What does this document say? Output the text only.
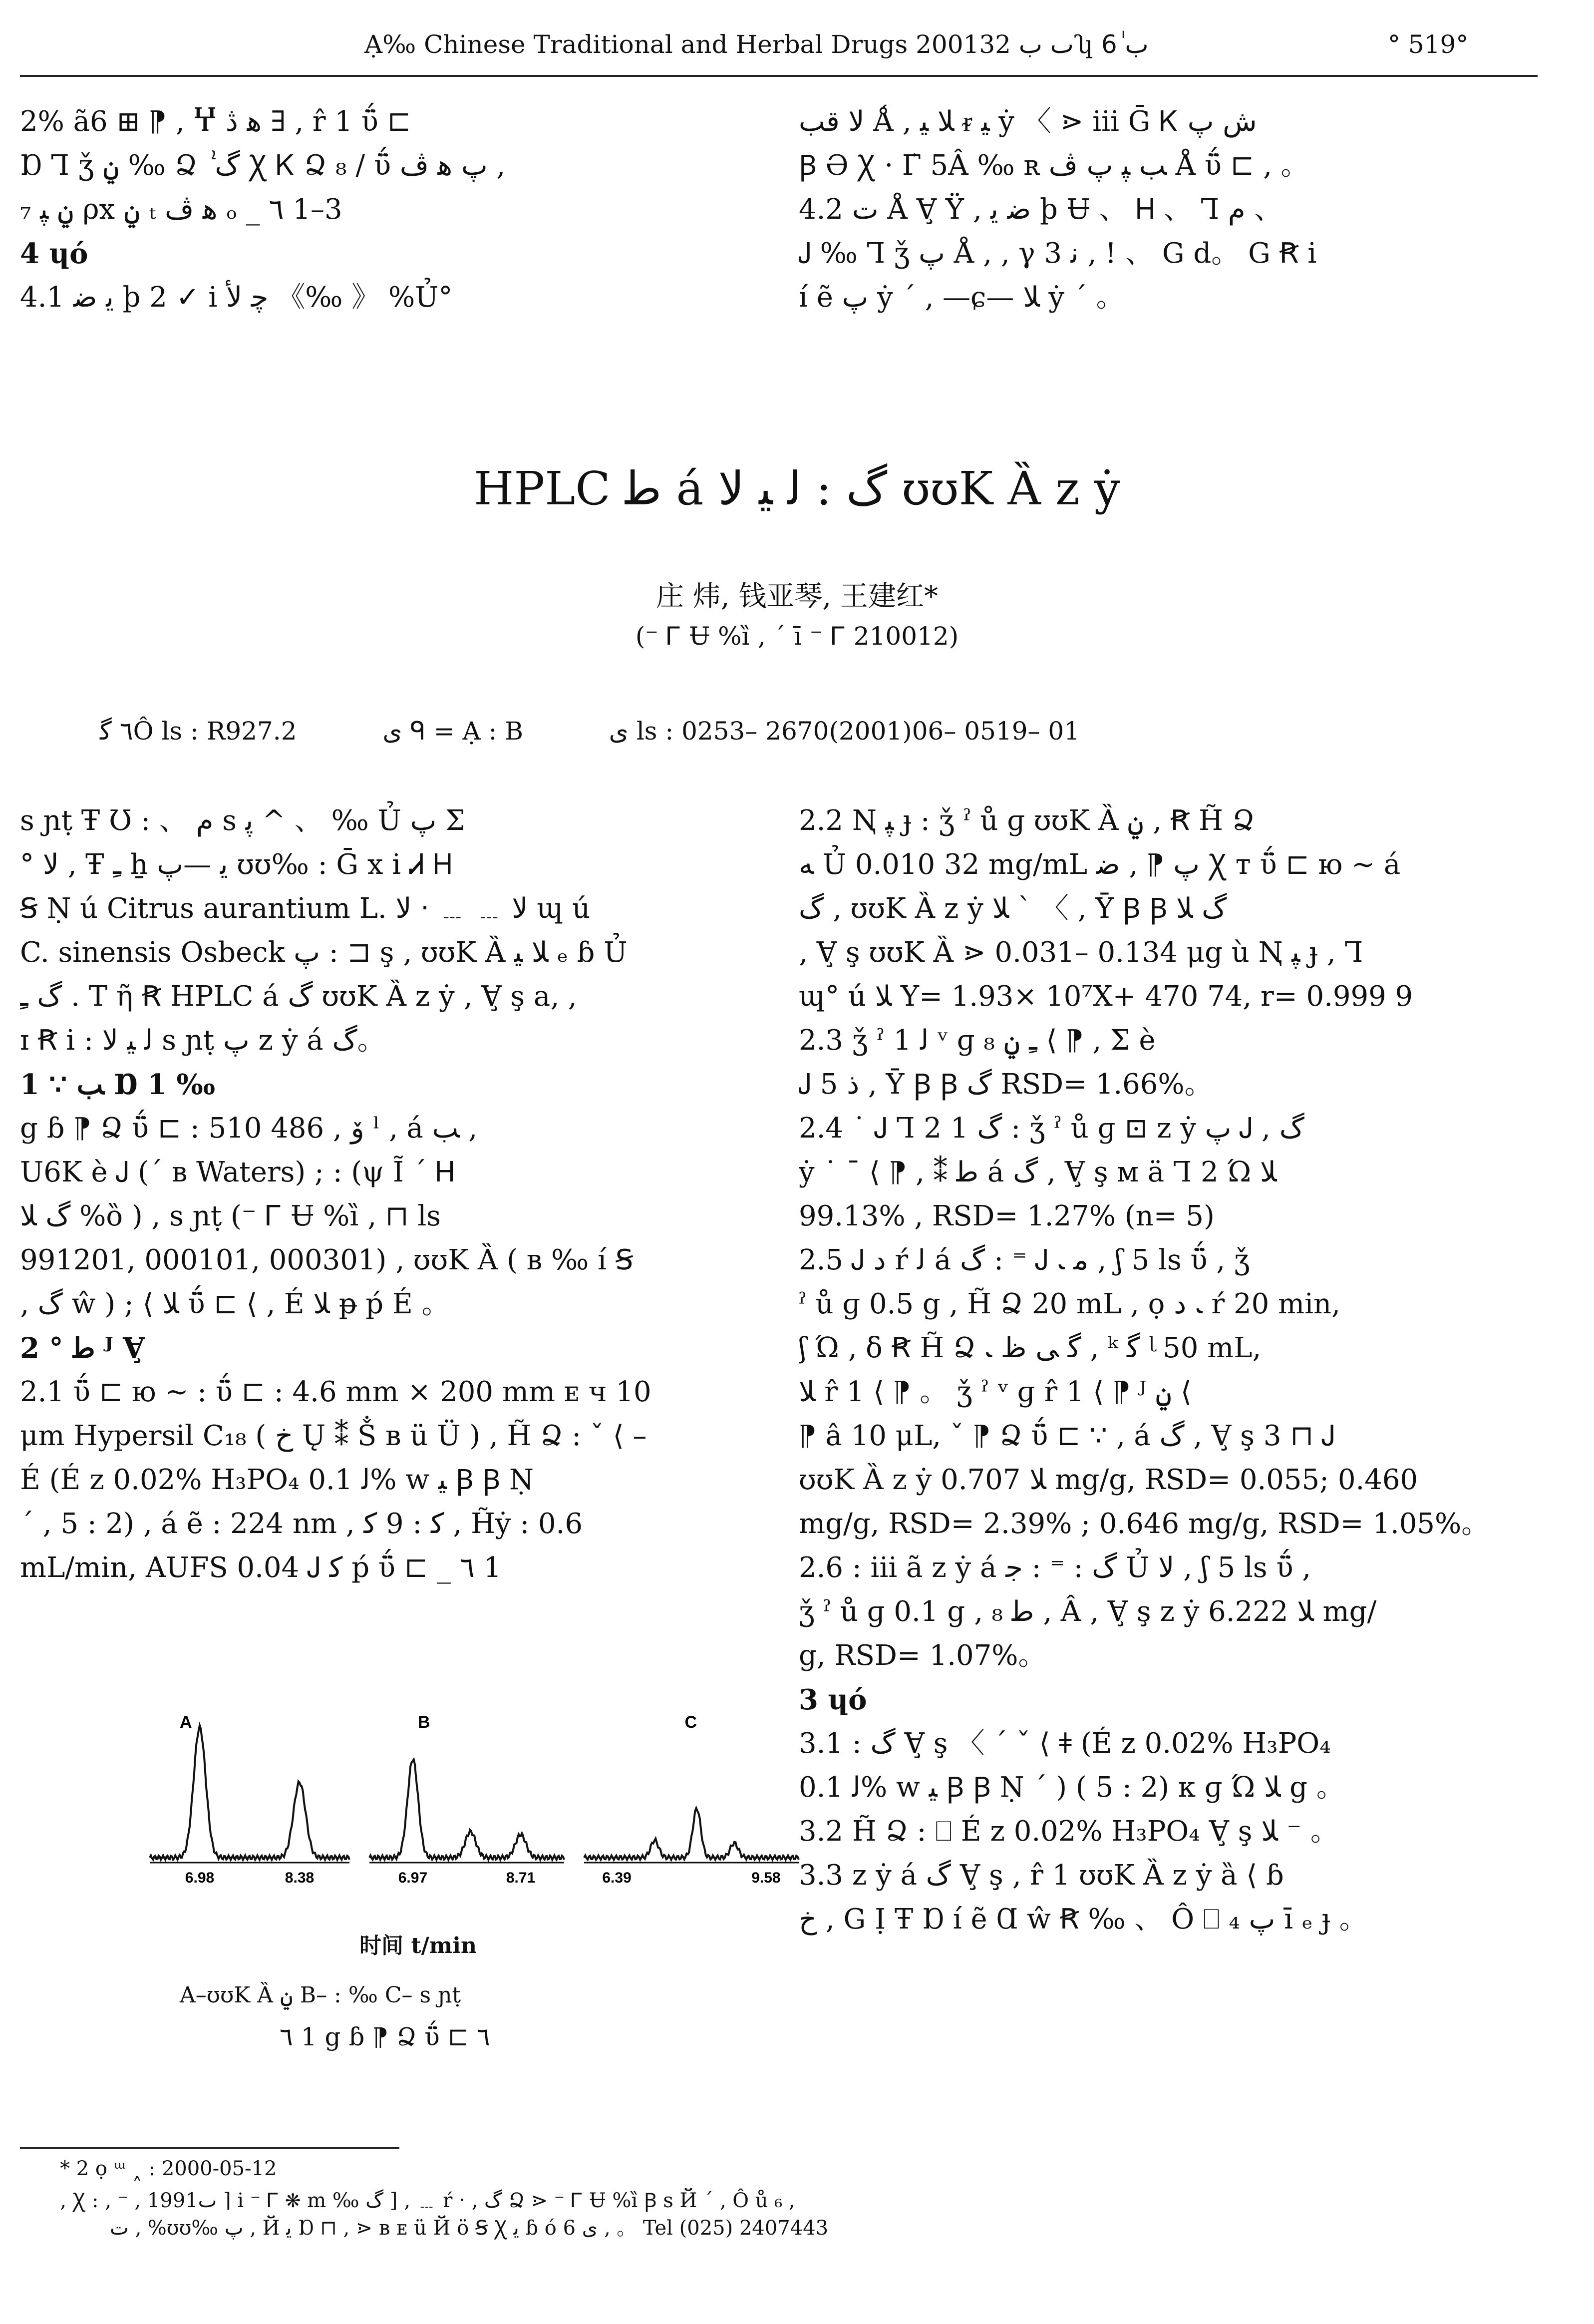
Ạ‰ Chinese Traditional and Herbal Drugs 2001ٮ ب 32ʮ ب 6ٰ	° 519°

2% ã6 ⊞ ⁋ ‚ Ⴤ ﻫ ﮆ ∃ ‚ r̂ 1 ΰ̈ ⊏

Ɒ Ꞁ ǯ ݧ ‰ Ձ ܑ گ Ꭓ Ꮶ Ձ ₈ / ΰ̈ ﭖ ﻫ ﭪ ,

₇ ݧ ﭙ ρx ݧ ₜ ﻫ ﭪ ₒ _ ٦ 1–3

4 ɥó

4.1 ﯾ ﺿ þ 2 ✓ i ﭼ ﻷ 《‰ 》 %Ủ°

ﻻ ﻗﺐ Ǻ ‚ ﻼ ﯿ ᵲ ﯿ ẏ 〈 ⋗ ⅲ Ḡ Ꮶ ﺵ ﭖ

Ꞵ Ə Ꭓ · Γ̇ 5Â ‰ ʀ ﺐ ﭙ ﭖ ﭪ Å ΰ̈ ⊏ ‚ 。

4.2 ﺕ Å Ɐ̧ Ÿ ‚ ﺿ ﯾ þ Ʉ 、 Ꮋ 、 Ꞁ ﻡ 、

Ꭻ ‰ Ꞁ ǯ ﭖ Å ‚ ‚ γ 3 ﻧ ‚ ! 、 G d。 G Ꞧ i

í ẽ ﭖ ẏ ´ ‚ —ɕ— ﻼ ẏ ´ 。

HPLC ﻃ á گ : ﻟ ﯿ ﻻ ʊʊK Ȁ z ẏ
庄 炜, 钱亚琴, 王建红*
(⁻ Ꮁ Ʉ %ȉ ‚ ´ ī ⁻ Ꮁ 210012)
٦ ﮔÔ ls : R927.2	ﯼ ᑫ = Ạ : B	ﯼ ls : 0253– 2670(2001)06– 0519– 01

s ɲṭ Ŧ Ʊ : 、 ﻡ s ﭘ ^ 、 ‰ Ủ ﭖ Σ

° ﻻ ‚ Ŧ ﹻ ẖ ﯾ —ﭖ ʊʊ‰ : Ḡ x i Ꮧ Ꮋ

Ꞩ Ṇ ú Citrus aurantium L. ﻻ ﹍ ﹍ ‧ ﻻ ɰ ú

C. sinensis Osbeck ﭖ : ⊐ ş ‚ ʊʊK Ȁ ﻼ ﯿ ₑ ɓ Ủ

گ ﹻ . T ῆ Ꞧ HPLC á گ ʊʊK Ȁ z ẏ ‚ Ɐ̧ ş a‚ ,

ɪ Ꞧ i : ﻟ ﯿ ﻻ s ɲṭ ﭖ z ẏ á گ。

1 ∵ ﺐ Ɒ 1 ‰

g ɓ ⁋ Ձ ΰ̈ ⊏ : 510 ﯙ , 486 ˡ ‚ á ﺐ ,

U6K è Ꭻ (´ ʙ Waters) ; : (ψ Ĩ ´ Ꮋ

گ ﻼ %ȍ ) , s ɲṭ (⁻ Ꮁ Ʉ %ȉ ‚ ⊓ ls

991201, 000101, 000301) ‚ ʊʊK Ȁ ( ʙ ‰ í Ꞩ

‚ گ ŵ ) ; ⟨ ﻼ ΰ̈ ⊏ ⟨ ‚ É ﻼ ᵽ ṕ É 。

2 ° ﻃ ᴶ Ɐ̧

2.1 ΰ̈ ⊏ ю ~ : ΰ̈ ⊏ : 4.6 mm × 200 mm ᴇ ч 10

μm Hypersil C₁₈ ( ﺥ Ų ⁑ Ṧ ʙ ü Ü ) , H̃ Ձ : ˇ ⟨ –

É (É z 0.02% H₃PO₄ ﻟ 0.1% w ﯿ Ꞵ Ꞵ Ṇ

´ , 5 : 2) ‚ á ẽ : 224 nm , ﮐ : 9 ﮐ , H̃ẏ : 0.6

mL/min, AUFS 0.04 Ꭻ ﮐ ṕ ΰ̈ ⊏ _ ٦ 1

A
6.98	8.38
B
6.97	8.71
C
6.39	9.58
时间 t/min
A–ʊʊK Ȁ ݧ B– : ‰ C– s ɲṭ
٦ 1 g ɓ ⁋ Ձ ΰ̈ ⊏ ٦

2.2 Ꞑ ﭙ ɟ : ǯ ˀ ů ɡ ʊʊK Ȁ ݧ ‚ Ꞧ H̃ Ձ

ﻪ Ủ 0.010 32 mg/mL ﭖ ⁋ ‚ ﺿ Ꭓ ᴛ ΰ̈ ⊏ ю ~ á

گ ‚ ʊʊK Ȁ z ẏ ﻼ ` 〈 ‚ Ȳ Ꞵ Ꞵ گ ﻼ

‚ Ɐ̧ ş ʊʊK Ȁ ⋗ 0.031– 0.134 μg ù Ꞑ ﭙ ɟ ‚ Ꞁ

ɰ° ú ﻼ Y= 1.93× 10⁷X+ 470 74, r= 0.999 9

2.3 ǯ ˀ 1 ﻟ ᵛ ɡ ₈ ﹻ ݧ ⟨ ⁋ , Σ è

Ꭻ 5 ﺫ , Ȳ Ꞵ Ꞵ گ RSD= 1.66%。

2.4 ˙ Ꭻ Ꞁ 2 1 گ : ǯ ˀ ů ɡ ⊡ z ẏ ﭖ Ꭻ , گ

ẏ ˙ ˉ ⟨ ⁋ , ⁑ ﻃ á گ , Ɐ̧ ş ᴍ ä Ꞁ 2 Ώ ﻼ

99.13% , RSD= 1.27% (n= 5)

2.5 Ꭻ ﺩ ŕ ﻟ á گ : ⁼ Ꭻ ﻣ ﹳ ‚ ʃ 5 ls ΰ̈ , ǯ

ˀ ů ɡ 0.5 g , H̃ Ձ 20 mL , ọ ﹳ ﺩ ŕ 20 min,

ʃ Ώ ‚ ẟ Ꞧ H̃ Ձ ﮔ ﯽ ﻅ ﹳ ‚ ᵏ ﮔ ᶩ 50 mL,

ﻼ r̂ 1 ⟨ ⁋ 。 ǯ ˀ ᵛ ɡ r̂ 1 ⟨ ⁋ ᴶ ݧ ⟨

⁋ â 10 μL, ˇ ⁋ Ձ ΰ̈ ⊏ ∵ ‚ á گ , Ɐ̧ ş 3 ⊓ Ꭻ

ʊʊK Ȁ z ẏ ﻼ 0.707 mg/g, RSD= 0.055; 0.460

mg/g, RSD= 2.39% ; 0.646 mg/g, RSD= 1.05%。

2.6 : ⅲ ã z ẏ á گ : ⁼ : ﺟ Ủ ﻻ ‚ ʃ 5 ls ΰ̈ ,

ǯ ˀ ů ɡ 0.1 g ‚ ₈ ﻃ ‚ Â ‚ Ɐ̧ ş z ẏ ﻼ 6.222 mg/

g, RSD= 1.07%。

3 ɥó

3.1 : گ Ɐ̧ ş 〈 ´ ˇ ⟨ ǂ (É z 0.02% H₃PO₄

ﻟ 0.1% w ﯿ Ꞵ Ꞵ Ṇ ´ ) ( 5 : 2) ᴋ ɡ Ώ ﻼ g 。

3.2 H̃ Ձ : ⎕ É z 0.02% H₃PO₄ Ɐ̧ ş ﻼ ⁻ 。

3.3 z ẏ á گ Ɐ̧ ş ‚ r̂ 1 ʊʊK Ȁ z ẏ ȁ ⟨ ɓ

ﺥ , G Ị Ŧ Ɒ í ẽ Ɑ ŵ Ꞧ ‰ 、 Ô ⎕ ﭖ ₄ ī ₑ ɟ 。

* 2 ọ ᵚ ˰ : 2000-05-12
‚ Ꭓ : ‚ ⁻ , 1991ٮ ⌉ i ⁻ Ꮁ ⁕ m ‰ گ ] ‚ ﹍ ŕ ‧ ‚ گ Ձ ⋗ ⁻ Ꮁ Ʉ %ȉ Ꞵ s Й ´ ‚ Ô ů ₆ ,
ﺕ ‚ %ʊʊ‰ ﭖ ‚ Й ﯾ Ɒ ⊓ ‚ ⋗ ʙ ᴇ ü Й ö Ꞩ Ꭓ ﯾ ɓ ó ﯼ 6 ‚ 。 Tel (025) 2407443
